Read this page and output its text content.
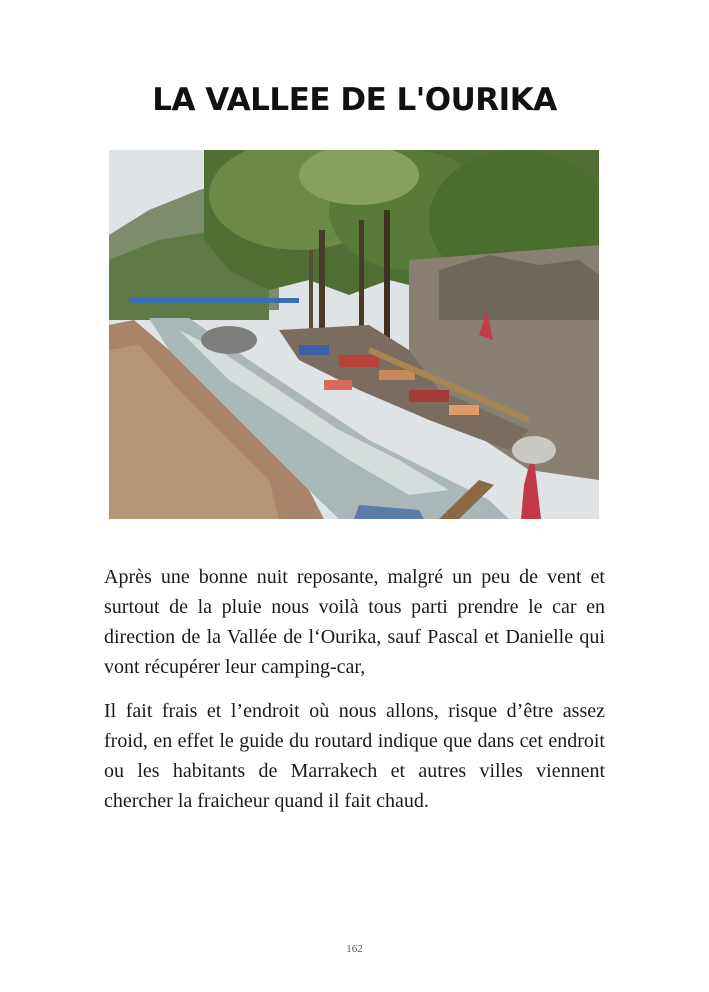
LA VALLEE DE L'OURIKA

Après une bonne nuit reposante, malgré un peu de vent et surtout de la pluie nous voilà tous parti prendre le car en direction de la Vallée de l‘Ourika, sauf Pascal et Danielle qui vont récupérer leur camping-car,

Il fait frais et l’endroit où nous allons, risque d’être assez froid, en effet le guide du routard indique que dans cet endroit ou les habitants de Marrakech et autres villes viennent chercher la fraicheur quand il fait chaud.

162
